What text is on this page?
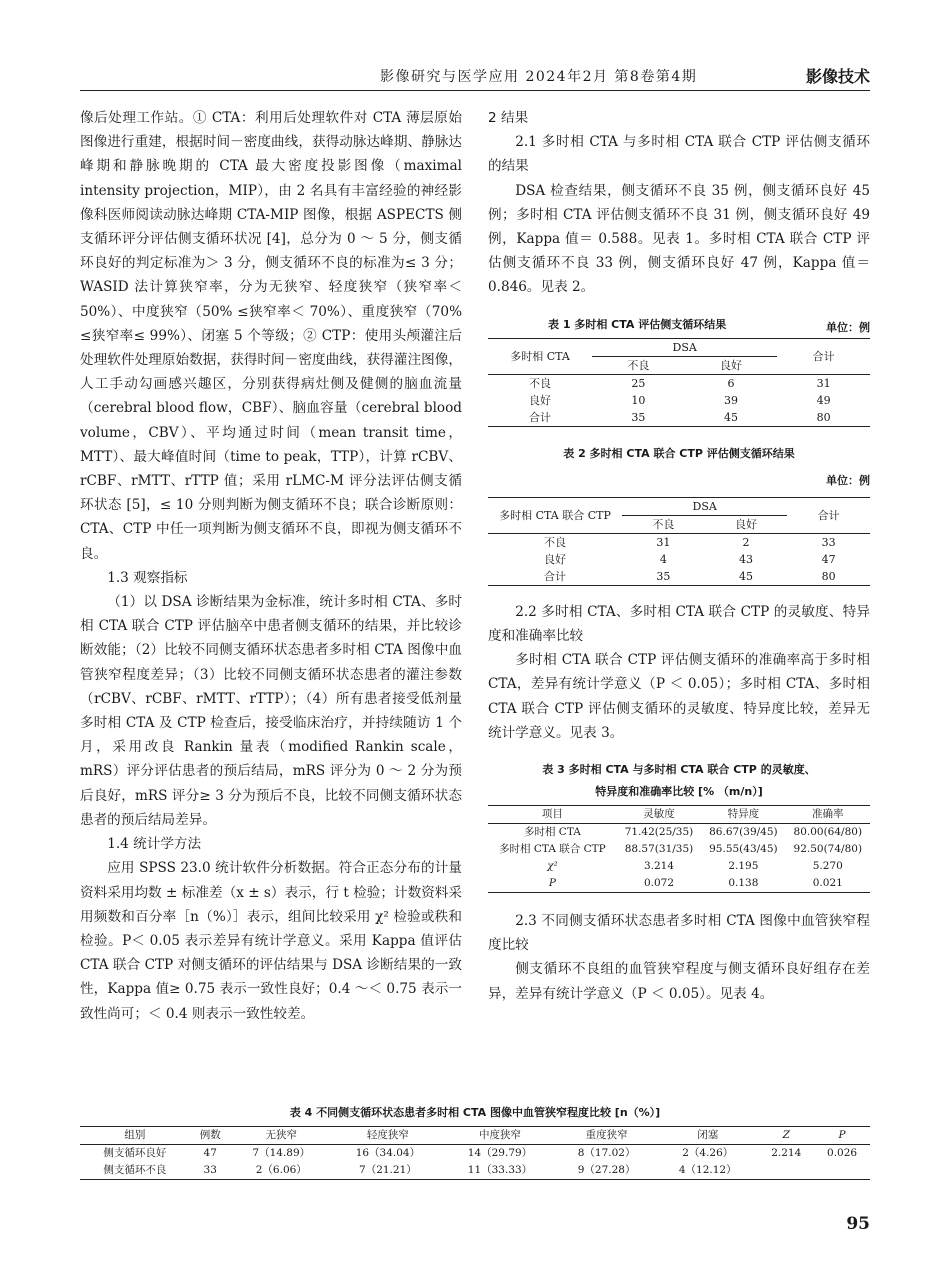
影像研究与医学应用 2024年2月 第8卷第4期	影像技术

像后处理工作站。① CTA：利用后处理软件对 CTA 薄层原始图像进行重建，根据时间－密度曲线，获得动脉达峰期、静脉达峰期和静脉晚期的 CTA 最大密度投影图像（maximal intensity projection，MIP），由 2 名具有丰富经验的神经影像科医师阅读动脉达峰期 CTA-MIP 图像，根据 ASPECTS 侧支循环评分评估侧支循环状况 [4]，总分为 0 ～ 5 分，侧支循环良好的判定标准为＞ 3 分，侧支循环不良的标准为≤ 3 分；WASID 法计算狭窄率，分为无狭窄、轻度狭窄（狭窄率＜ 50%）、中度狭窄（50% ≤狭窄率＜ 70%）、重度狭窄（70% ≤狭窄率≤ 99%）、闭塞 5 个等级；② CTP：使用头颅灌注后处理软件处理原始数据，获得时间－密度曲线，获得灌注图像，人工手动勾画感兴趣区，分别获得病灶侧及健侧的脑血流量（cerebral blood flow，CBF）、脑血容量（cerebral blood volume，CBV）、平均通过时间（mean transit time，MTT）、最大峰值时间（time to peak，TTP），计算 rCBV、rCBF、rMTT、rTTP 值；采用 rLMC-M 评分法评估侧支循环状态 [5]，≤ 10 分则判断为侧支循环不良；联合诊断原则：CTA、CTP 中任一项判断为侧支循环不良，即视为侧支循环不良。

1.3 观察指标

（1）以 DSA 诊断结果为金标准，统计多时相 CTA、多时相 CTA 联合 CTP 评估脑卒中患者侧支循环的结果，并比较诊断效能；（2）比较不同侧支循环状态患者多时相 CTA 图像中血管狭窄程度差异；（3）比较不同侧支循环状态患者的灌注参数（rCBV、rCBF、rMTT、rTTP）；（4）所有患者接受低剂量多时相 CTA 及 CTP 检查后，接受临床治疗，并持续随访 1 个月，采用改良 Rankin 量表（modified Rankin scale，mRS）评分评估患者的预后结局，mRS 评分为 0 ～ 2 分为预后良好，mRS 评分≥ 3 分为预后不良，比较不同侧支循环状态患者的预后结局差异。

1.4 统计学方法

应用 SPSS 23.0 统计软件分析数据。符合正态分布的计量资料采用均数 ± 标准差（x ± s）表示，行 t 检验；计数资料采用频数和百分率［n（%）］表示，组间比较采用 χ² 检验或秩和检验。P＜ 0.05 表示差异有统计学意义。采用 Kappa 值评估 CTA 联合 CTP 对侧支循环的评估结果与 DSA 诊断结果的一致性，Kappa 值≥ 0.75 表示一致性良好；0.4 ～＜ 0.75 表示一致性尚可；＜ 0.4 则表示一致性较差。

2 结果

2.1 多时相 CTA 与多时相 CTA 联合 CTP 评估侧支循环的结果

DSA 检查结果，侧支循环不良 35 例，侧支循环良好 45 例；多时相 CTA 评估侧支循环不良 31 例，侧支循环良好 49 例，Kappa 值＝ 0.588。见表 1。多时相 CTA 联合 CTP 评估侧支循环不良 33 例，侧支循环良好 47 例，Kappa 值＝ 0.846。见表 2。

表 1 多时相 CTA 评估侧支循环结果	单位：例
多时相 CTA	DSA		合计
	不良	良好	
不良	25	6	31
良好	10	39	49
合计	35	45	80
表 2 多时相 CTA 联合 CTP 评估侧支循环结果
单位：例
多时相 CTA 联合 CTP	DSA		合计
	不良	良好	
不良	31	2	33
良好	4	43	47
合计	35	45	80

2.2 多时相 CTA、多时相 CTA 联合 CTP 的灵敏度、特异度和准确率比较

多时相 CTA 联合 CTP 评估侧支循环的准确率高于多时相 CTA，差异有统计学意义（P ＜ 0.05）；多时相 CTA、多时相 CTA 联合 CTP 评估侧支循环的灵敏度、特异度比较，差异无统计学意义。见表 3。

表 3 多时相 CTA 与多时相 CTA 联合 CTP 的灵敏度、
特异度和准确率比较 [% （m/n）]
项目	灵敏度	特异度	准确率
多时相 CTA	71.42(25/35)	86.67(39/45)	80.00(64/80)
多时相 CTA 联合 CTP	88.57(31/35)	95.55(43/45)	92.50(74/80)
χ²	3.214	2.195	5.270
P	0.072	0.138	0.021

2.3 不同侧支循环状态患者多时相 CTA 图像中血管狭窄程度比较

侧支循环不良组的血管狭窄程度与侧支循环良好组存在差异，差异有统计学意义（P ＜ 0.05）。见表 4。

表 4 不同侧支循环状态患者多时相 CTA 图像中血管狭窄程度比较 [n（%）]
组别	例数	无狭窄	轻度狭窄	中度狭窄	重度狭窄	闭塞	Z	P
侧支循环良好	47	7（14.89）	16（34.04）	14（29.79）	8（17.02）	2（4.26）	2.214	0.026
侧支循环不良	33	2（6.06）	7（21.21）	11（33.33）	9（27.28）	4（12.12）		
95
